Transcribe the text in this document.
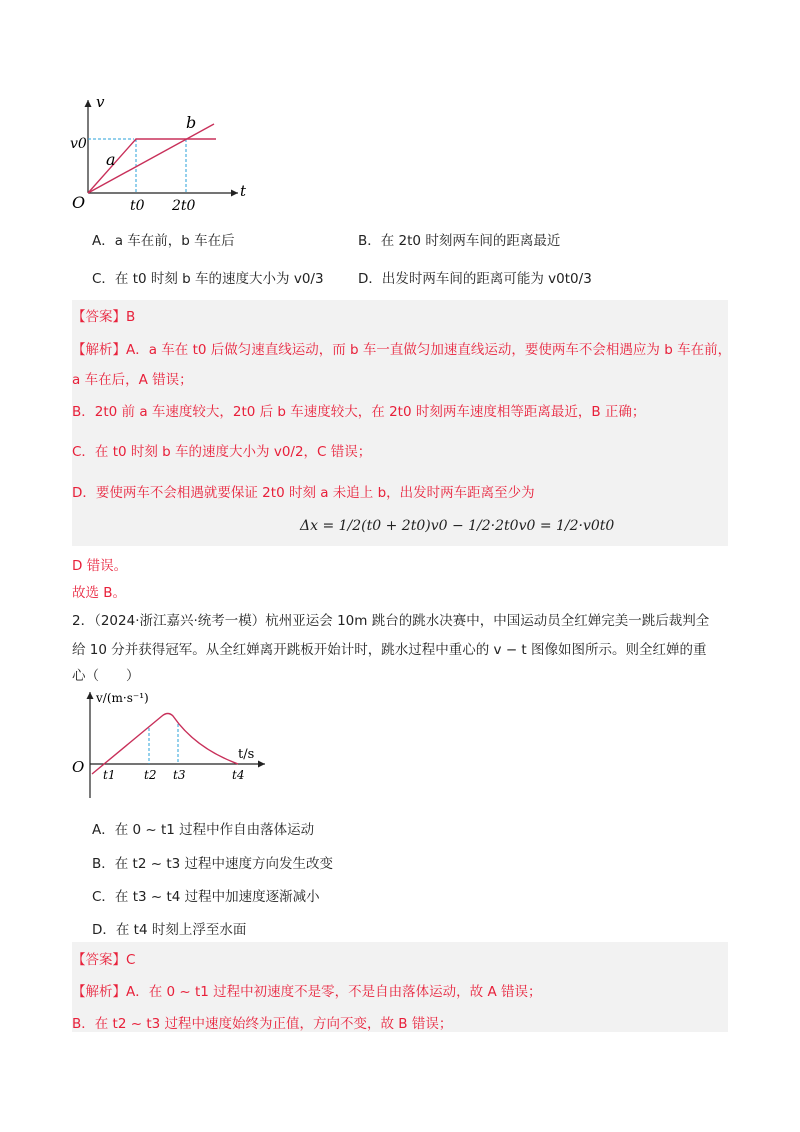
v
t
O
v0
a
b
t0 2t0
A．a 车在前，b 车在后	B．在 2t0 时刻两车间的距离最近
C．在 t0 时刻 b 车的速度大小为 v0/3	D．出发时两车间的距离可能为 v0t0/3
【答案】B
【解析】A．a 车在 t0 后做匀速直线运动，而 b 车一直做匀加速直线运动，要使两车不会相遇应为 b 车在前，
a 车在后，A 错误；
B．2t0 前 a 车速度较大，2t0 后 b 车速度较大，在 2t0 时刻两车速度相等距离最近，B 正确；
C．在 t0 时刻 b 车的速度大小为 v0/2，C 错误；
D．要使两车不会相遇就要保证 2t0 时刻 a 未追上 b，出发时两车距离至少为
Δx = 1/2(t0 + 2t0)v0 − 1/2·2t0v0 = 1/2·v0t0
D 错误。
故选 B。
2．（2024·浙江嘉兴·统考一模）杭州亚运会 10m 跳台的跳水决赛中，中国运动员全红婵完美一跳后裁判全
给 10 分并获得冠军。从全红婵离开跳板开始计时，跳水过程中重心的 v − t 图像如图所示。则全红婵的重
心（　　）
v/(m·s⁻¹)
t/s
O t1 t2 t3	t4
A．在 0 ~ t1 过程中作自由落体运动
B．在 t2 ~ t3 过程中速度方向发生改变
C．在 t3 ~ t4 过程中加速度逐渐减小
D．在 t4 时刻上浮至水面
【答案】C
【解析】A．在 0 ~ t1 过程中初速度不是零，不是自由落体运动，故 A 错误；
B．在 t2 ~ t3 过程中速度始终为正值，方向不变，故 B 错误；
